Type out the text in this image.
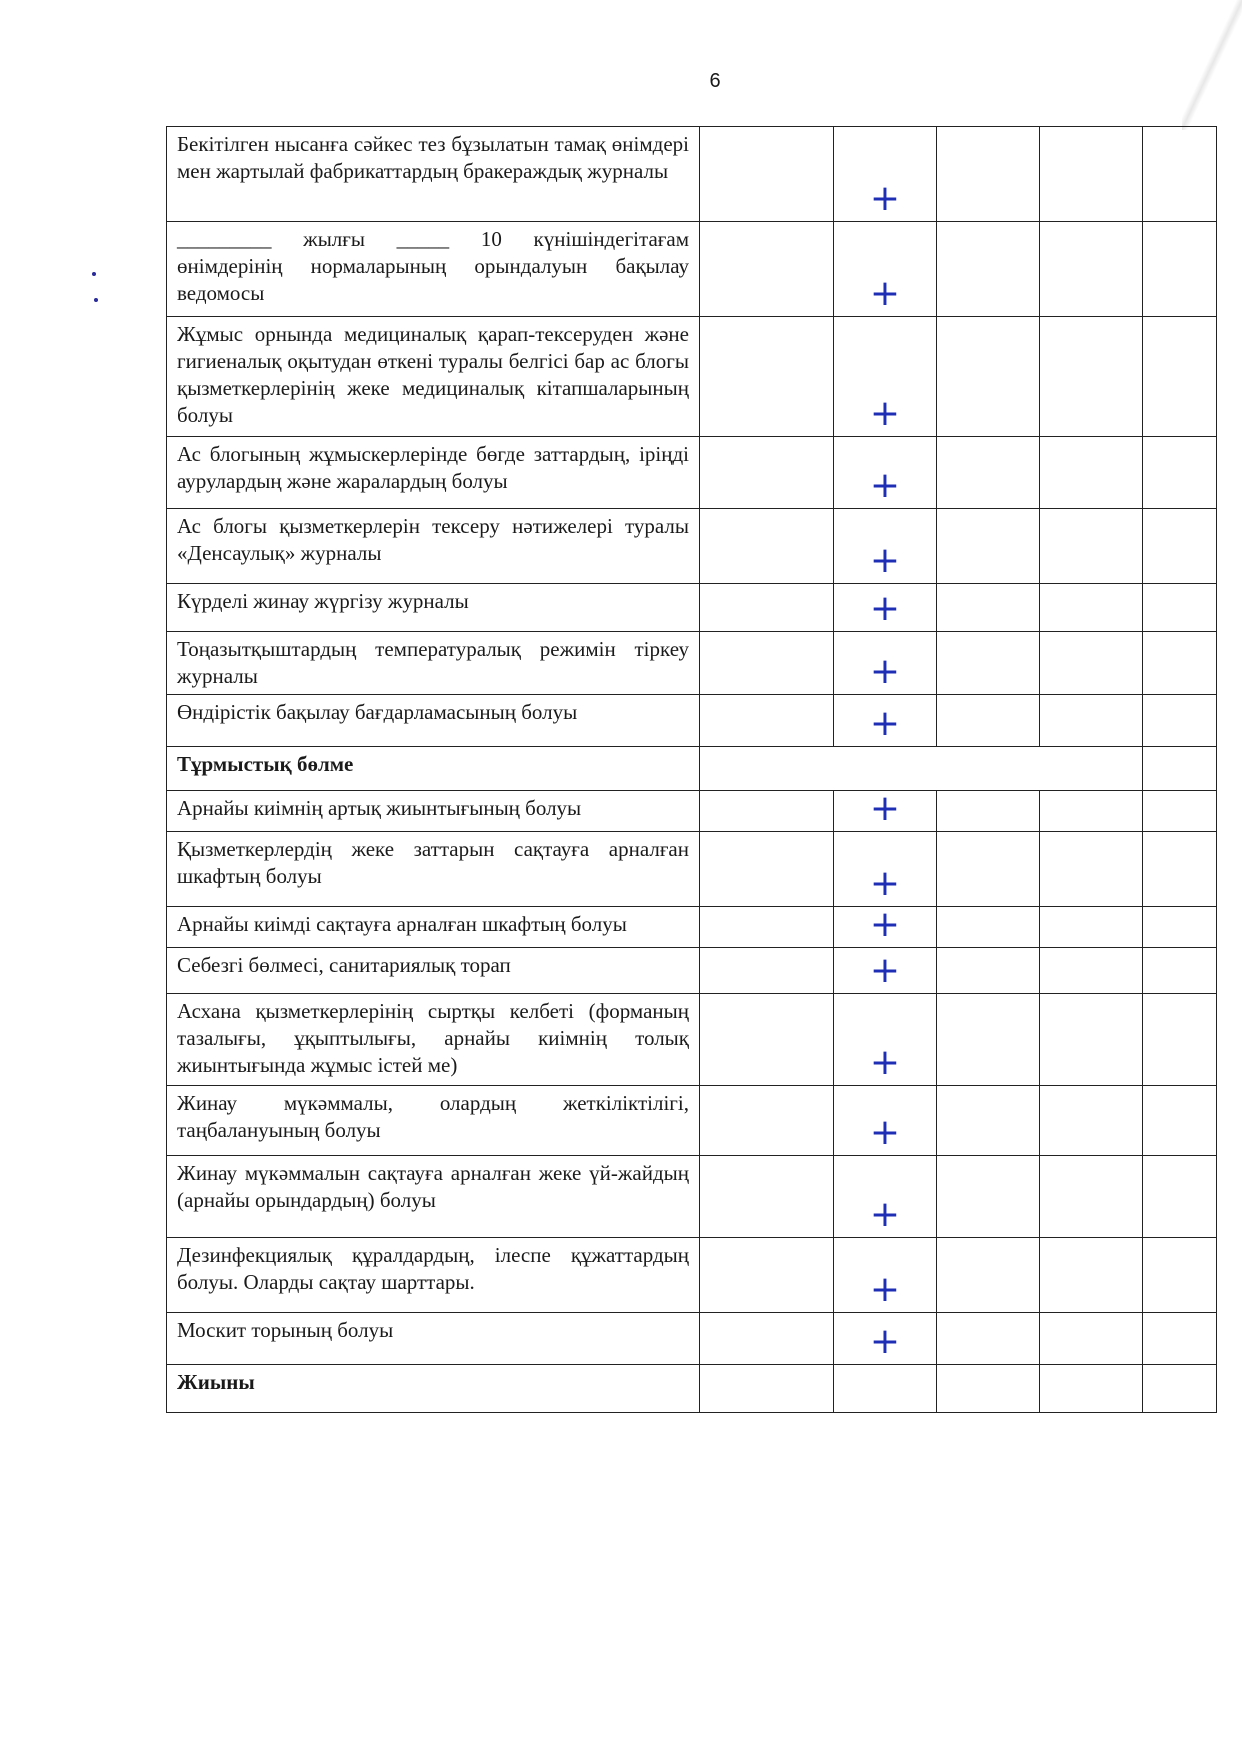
6
Бекітілген нысанға сәйкес тез бұзылатын тамақ өнімдері мен жартылай фабрикаттардың бракераждық журналы		+			
_________ жылғы _____ 10 күнішіндегітағам өнімдерінің нормаларының орындалуын бақылау ведомосы		+			
Жұмыс орнында медициналық қарап-тексеруден және гигиеналық оқытудан өткені туралы белгісі бар ас блогы қызметкерлерінің жеке медициналық кітапшаларының болуы		+			
Ас блогының жұмыскерлерінде бөгде заттардың, іріңді аурулардың және жаралардың болуы		+			
Ас блогы қызметкерлерін тексеру нәтижелері туралы «Денсаулық» журналы		+			
Күрделі жинау жүргізу журналы		+			
Тоңазытқыштардың температуралық режимін тіркеу журналы		+			
Өндірістік бақылау бағдарламасының болуы		+			
Тұрмыстық бөлме					
Арнайы киімнің артық жиынтығының болуы		+			
Қызметкерлердің жеке заттарын сақтауға арналған шкафтың болуы		+			
Арнайы киімді сақтауға арналған шкафтың болуы		+			
Себезгі бөлмесі, санитариялық торап		+			
Асхана қызметкерлерінің сыртқы келбеті (форманың тазалығы, ұқыптылығы, арнайы киімнің толық жиынтығында жұмыс істей ме)		+			
Жинау мүкәммалы, олардың жеткіліктілігі, таңбалануының болуы		+			
Жинау мүкәммалын сақтауға арналған жеке үй-жайдың (арнайы орындардың) болуы		+			
Дезинфекциялық құралдардың, ілеспе құжаттардың болуы. Оларды сақтау шарттары.		+			
Москит торының болуы		+			
Жиыны					
